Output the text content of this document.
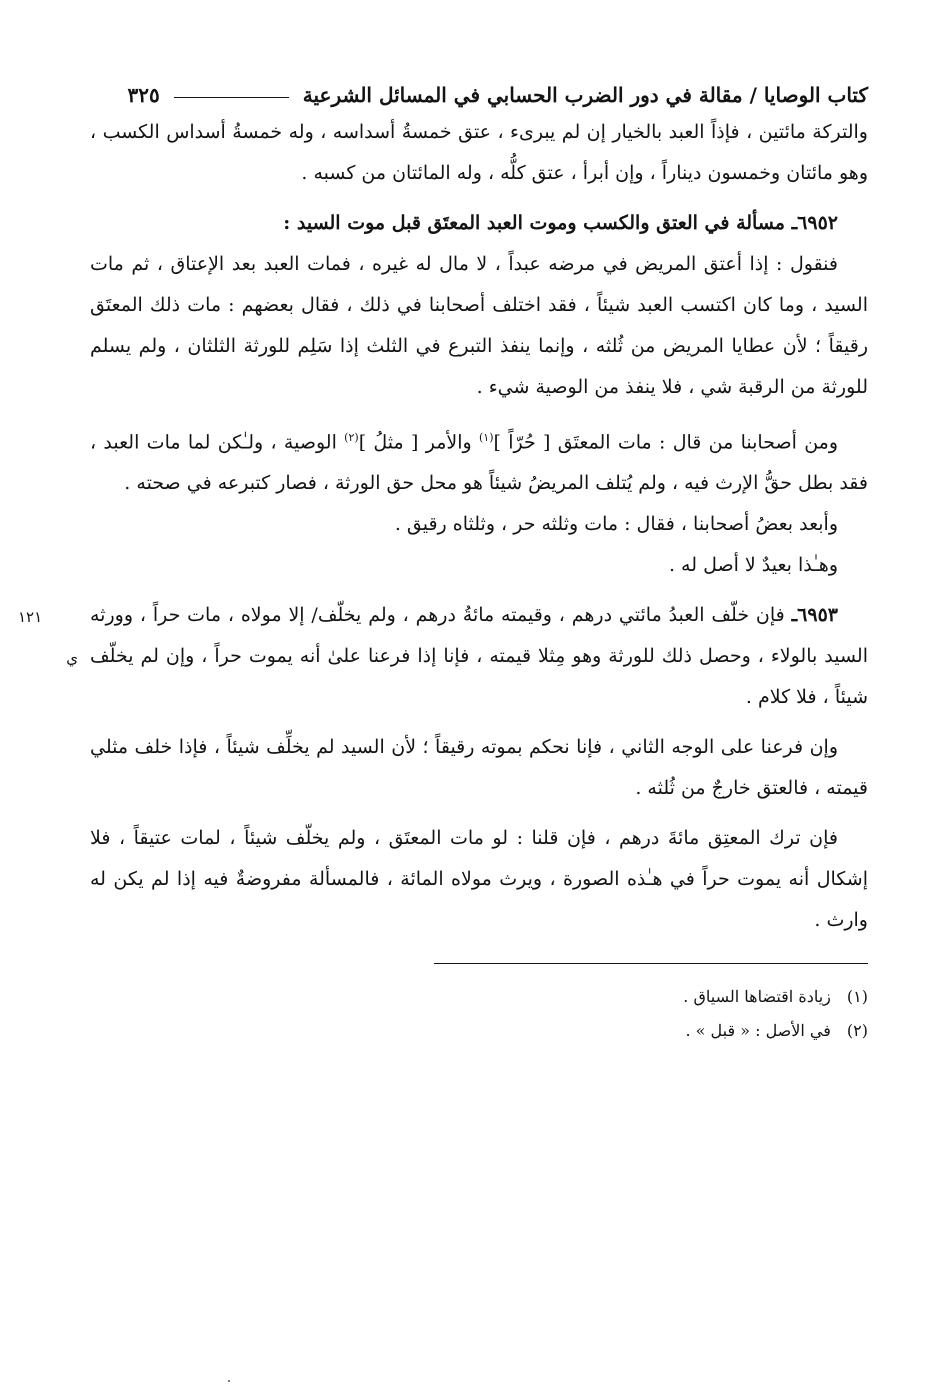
كتاب الوصايا / مقالة في دور الضرب الحسابي في المسائل الشرعية
٣٢٥

والتركة مائتين ، فإذاً العبد بالخيار إن لم يبرىء ، عتق خمسةُ أسداسه ، وله خمسةُ أسداس الكسب ، وهو مائتان وخمسون ديناراً ، وإن أبرأ ، عتق كلُّه ، وله المائتان من كسبه .

٦٩٥٢ـ مسألة في العتق والكسب وموت العبد المعتَق قبل موت السيد :

فنقول : إذا أعتق المريض في مرضه عبداً ، لا مال له غيره ، فمات العبد بعد الإعتاق ، ثم مات السيد ، وما كان اكتسب العبد شيئاً ، فقد اختلف أصحابنا في ذلك ، فقال بعضهم : مات ذلك المعتَق رقيقاً ؛ لأن عطايا المريض من ثُلثه ، وإنما ينفذ التبرع في الثلث إذا سَلِم للورثة الثلثان ، ولم يسلم للورثة من الرقبة شي ، فلا ينفذ من الوصية شيء .

ومن أصحابنا من قال : مات المعتَق [ حُرّاً ]$^{(١)}$ والأمر [ مثلُ ]$^{(٢)}$ الوصية ، ولـٰكن لما مات العبد ، فقد بطل حقُّ الإرث فيه ، ولم يُتلف المريضُ شيئاً هو محل حق الورثة ، فصار كتبرعه في صحته .

وأبعد بعضُ أصحابنا ، فقال : مات وثلثه حر ، وثلثاه رقيق .

وهـٰذا بعيدٌ لا أصل له .

٦٩٥٣ـ فإن خلّف العبدُ مائتي درهم ، وقيمته مائةُ درهم ، ولم يخلّف/ إلا مولاه ، مات حراً ، وورثه السيد بالولاء ، وحصل ذلك للورثة وهو مِثلا قيمته ، فإنا إذا فرعنا علىٰ أنه يموت حراً ، وإن لم يخلّف شيئاً ، فلا كلام .
١٢١ ي

وإن فرعنا على الوجه الثاني ، فإنا نحكم بموته رقيقاً ؛ لأن السيد لم يخلِّف شيئاً ، فإذا خلف مثلي قيمته ، فالعتق خارجٌ من ثُلثه .

فإن ترك المعتِق مائةَ درهم ، فإن قلنا : لو مات المعتَق ، ولم يخلّف شيئاً ، لمات عتيقاً ، فلا إشكال أنه يموت حراً في هـٰذه الصورة ، ويرث مولاه المائة ، فالمسألة مفروضةٌ فيه إذا لم يكن له وارث .

(١)
زيادة اقتضاها السياق .
(٢)
في الأصل : « قبل » .
